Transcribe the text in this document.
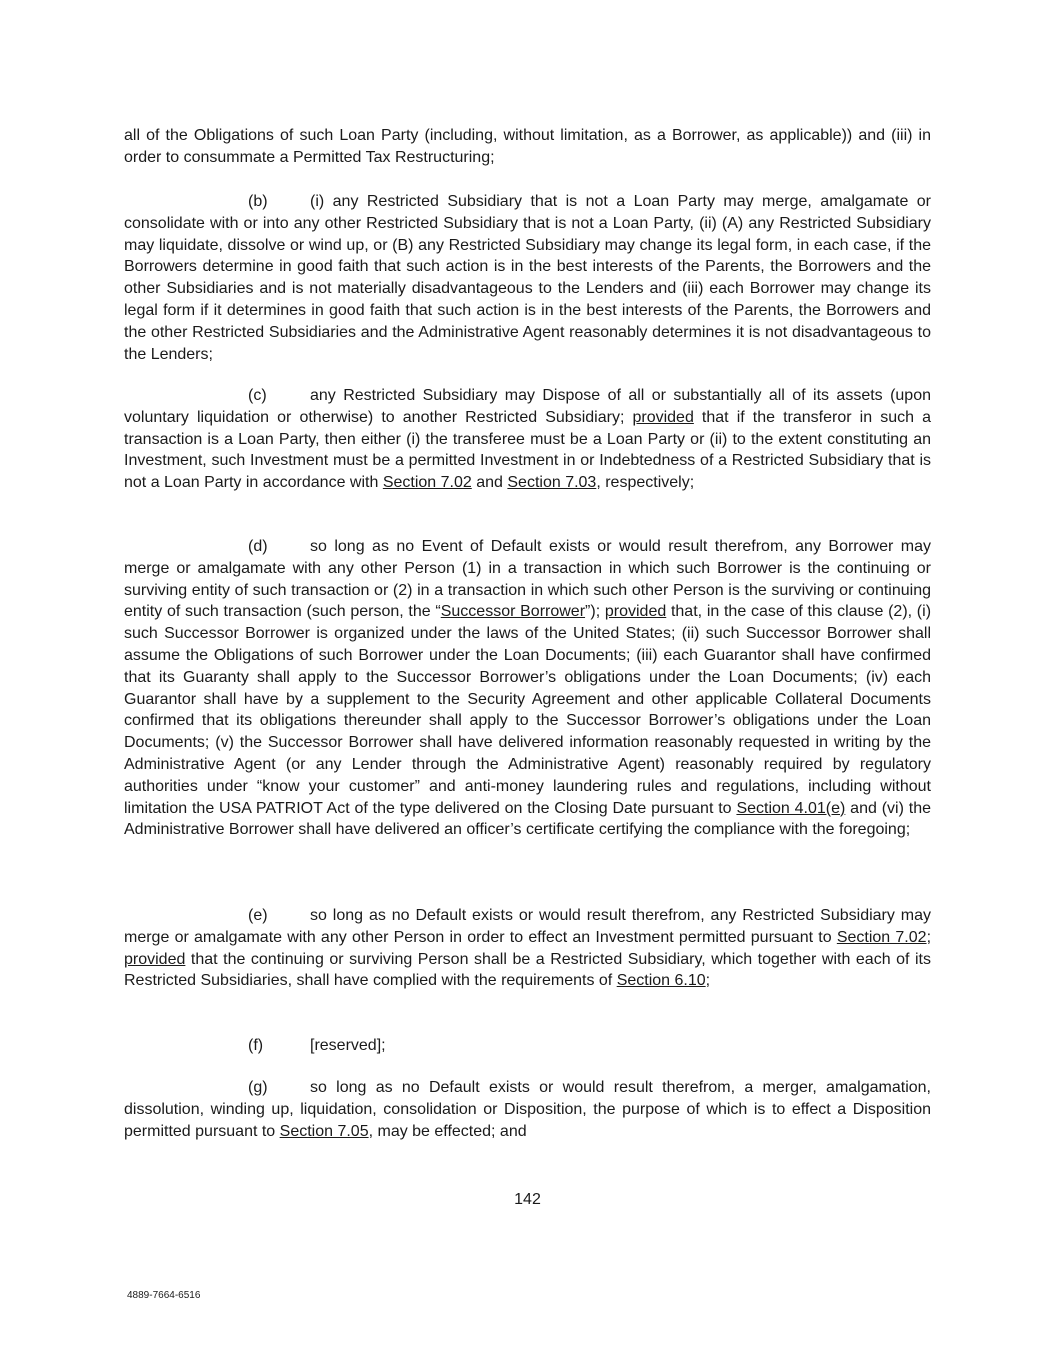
all of the Obligations of such Loan Party (including, without limitation, as a Borrower, as applicable)) and (iii) in order to consummate a Permitted Tax Restructuring;

(b)	(i) any Restricted Subsidiary that is not a Loan Party may merge, amalgamate or consolidate with or into any other Restricted Subsidiary that is not a Loan Party, (ii) (A) any Restricted Subsidiary may liquidate, dissolve or wind up, or (B) any Restricted Subsidiary may change its legal form, in each case, if the Borrowers determine in good faith that such action is in the best interests of the Parents, the Borrowers and the other Subsidiaries and is not materially disadvantageous to the Lenders and (iii) each Borrower may change its legal form if it determines in good faith that such action is in the best interests of the Parents, the Borrowers and the other Restricted Subsidiaries and the Administrative Agent reasonably determines it is not disadvantageous to the Lenders;

(c)	any Restricted Subsidiary may Dispose of all or substantially all of its assets (upon voluntary liquidation or otherwise) to another Restricted Subsidiary; provided that if the transferor in such a transaction is a Loan Party, then either (i) the transferee must be a Loan Party or (ii) to the extent constituting an Investment, such Investment must be a permitted Investment in or Indebtedness of a Restricted Subsidiary that is not a Loan Party in accordance with Section 7.02 and Section 7.03, respectively;

(d)	so long as no Event of Default exists or would result therefrom, any Borrower may merge or amalgamate with any other Person (1) in a transaction in which such Borrower is the continuing or surviving entity of such transaction or (2) in a transaction in which such other Person is the surviving or continuing entity of such transaction (such person, the “Successor Borrower”); provided that, in the case of this clause (2), (i) such Successor Borrower is organized under the laws of the United States; (ii) such Successor Borrower shall assume the Obligations of such Borrower under the Loan Documents; (iii) each Guarantor shall have confirmed that its Guaranty shall apply to the Successor Borrower’s obligations under the Loan Documents; (iv) each Guarantor shall have by a supplement to the Security Agreement and other applicable Collateral Documents confirmed that its obligations thereunder shall apply to the Successor Borrower’s obligations under the Loan Documents; (v) the Successor Borrower shall have delivered information reasonably requested in writing by the Administrative Agent (or any Lender through the Administrative Agent) reasonably required by regulatory authorities under “know your customer” and anti-money laundering rules and regulations, including without limitation the USA PATRIOT Act of the type delivered on the Closing Date pursuant to Section 4.01(e) and (vi) the Administrative Borrower shall have delivered an officer’s certificate certifying the compliance with the foregoing;

(e)	so long as no Default exists or would result therefrom, any Restricted Subsidiary may merge or amalgamate with any other Person in order to effect an Investment permitted pursuant to Section 7.02; provided that the continuing or surviving Person shall be a Restricted Subsidiary, which together with each of its Restricted Subsidiaries, shall have complied with the requirements of Section 6.10;

(f)	[reserved];

(g)	so long as no Default exists or would result therefrom, a merger, amalgamation, dissolution, winding up, liquidation, consolidation or Disposition, the purpose of which is to effect a Disposition permitted pursuant to Section 7.05, may be effected; and

142
4889-7664-6516
